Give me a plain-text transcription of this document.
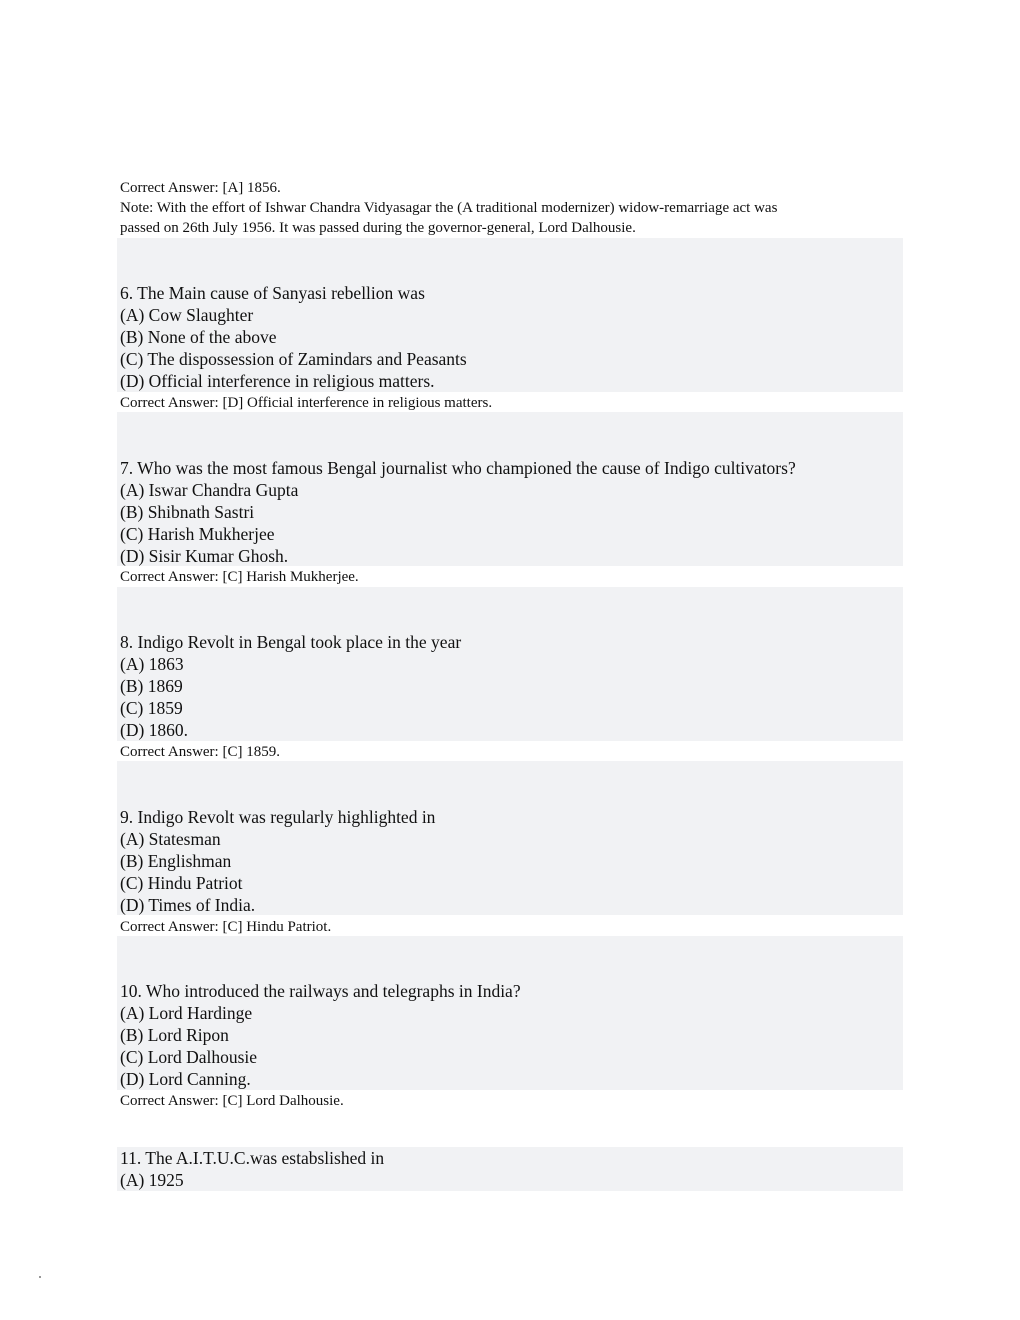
Correct Answer: [A] 1856.
Note: With the effort of Ishwar Chandra Vidyasagar the (A traditional modernizer) widow-remarriage act was
passed on 26th July 1956. It was passed during the governor-general, Lord Dalhousie.
6. The Main cause of Sanyasi rebellion was
(A) Cow Slaughter
(B) None of the above
(C) The dispossession of Zamindars and Peasants
(D) Official interference in religious matters.
Correct Answer: [D] Official interference in religious matters.
7. Who was the most famous Bengal journalist who championed the cause of Indigo cultivators?
(A) Iswar Chandra Gupta
(B) Shibnath Sastri
(C) Harish Mukherjee
(D) Sisir Kumar Ghosh.
Correct Answer: [C] Harish Mukherjee.
8. Indigo Revolt in Bengal took place in the year
(A) 1863
(B) 1869
(C) 1859
(D) 1860.
Correct Answer: [C] 1859.
9. Indigo Revolt was regularly highlighted in
(A) Statesman
(B) Englishman
(C) Hindu Patriot
(D) Times of India.
Correct Answer: [C] Hindu Patriot.
10. Who introduced the railways and telegraphs in India?
(A) Lord Hardinge
(B) Lord Ripon
(C) Lord Dalhousie
(D) Lord Canning.
Correct Answer: [C] Lord Dalhousie.
11. The A.I.T.U.C.was estabslished in
(A) 1925
